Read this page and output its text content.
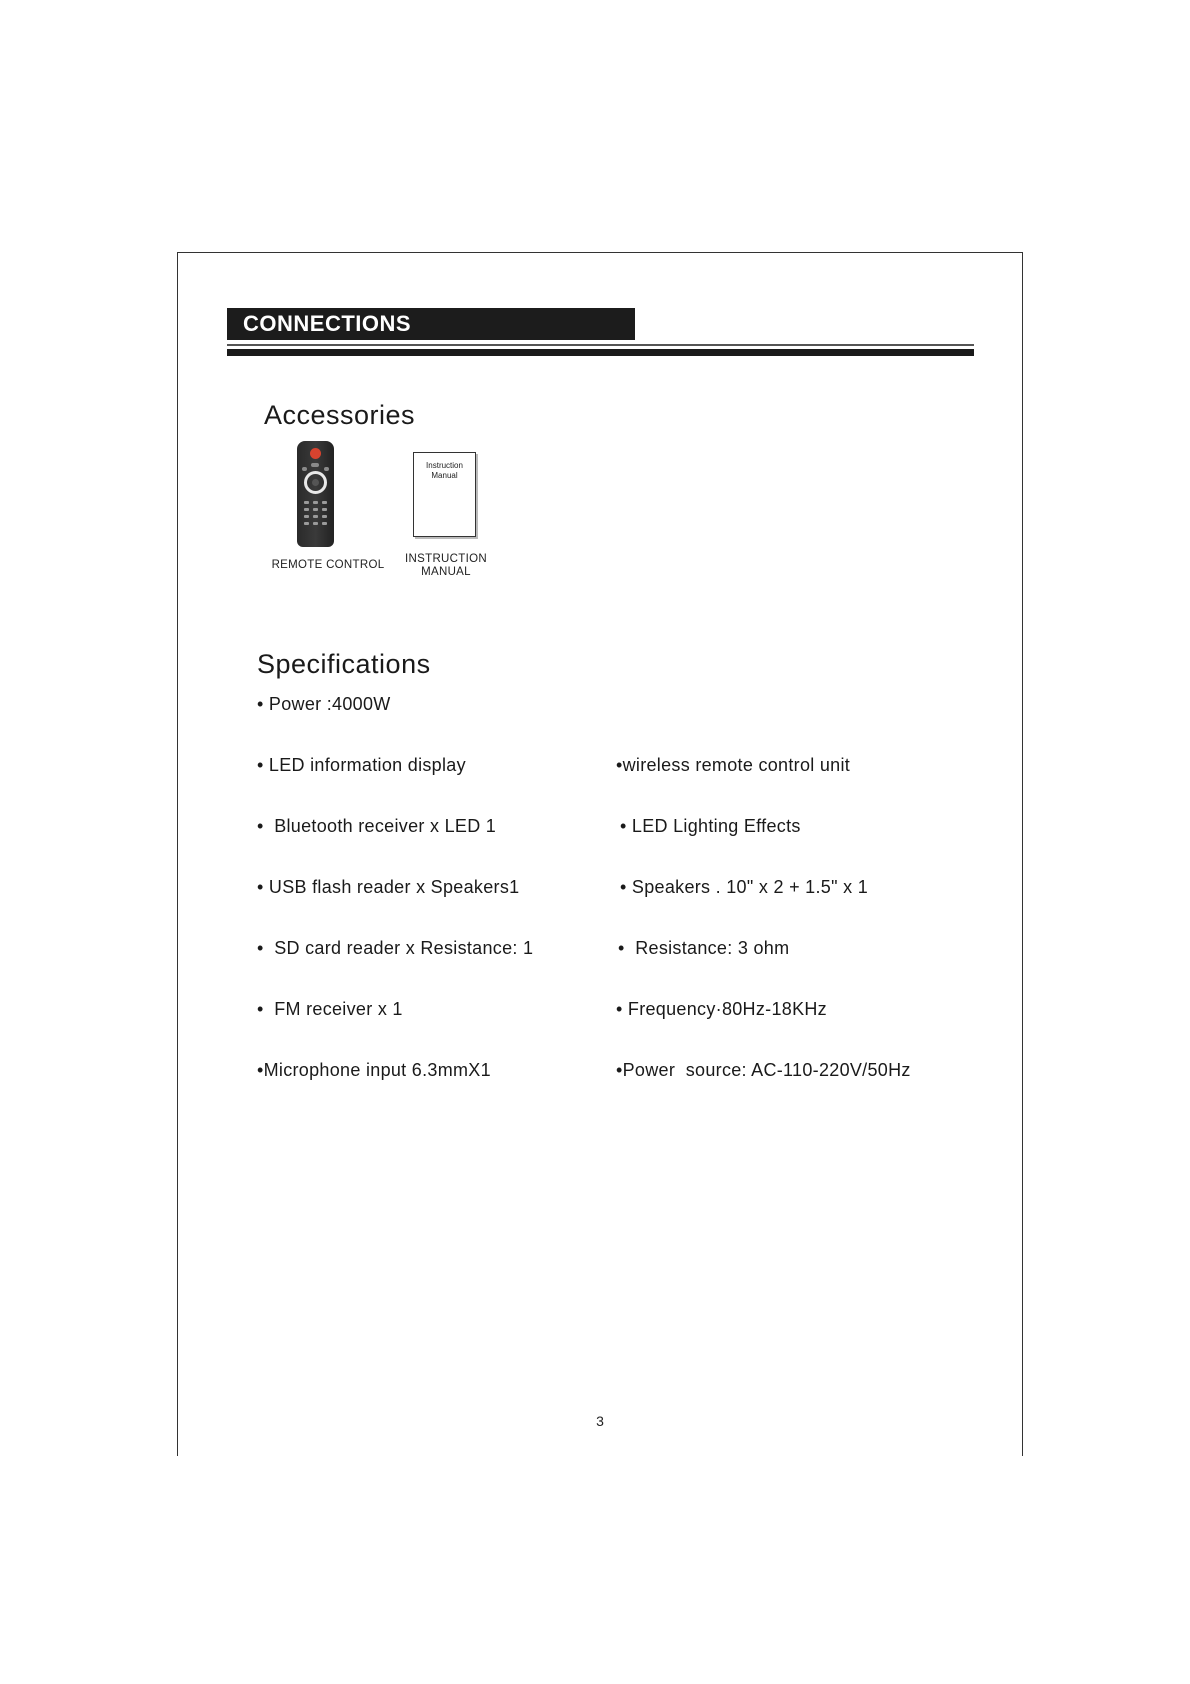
CONNECTIONS
Accessories
REMOTE CONTROL
Instruction
Manual
INSTRUCTION
MANUAL
Specifications
• Power :4000W
• LED information display
•  Bluetooth receiver x LED 1
• USB flash reader x Speakers1
•  SD card reader x Resistance: 1
•  FM receiver x 1
•Microphone input 6.3mmX1
•wireless remote control unit
• LED Lighting Effects
• Speakers . 10" x 2 + 1.5" x 1
•  Resistance: 3 ohm
• Frequency·80Hz-18KHz
•Power  source: AC-110-220V/50Hz
3
